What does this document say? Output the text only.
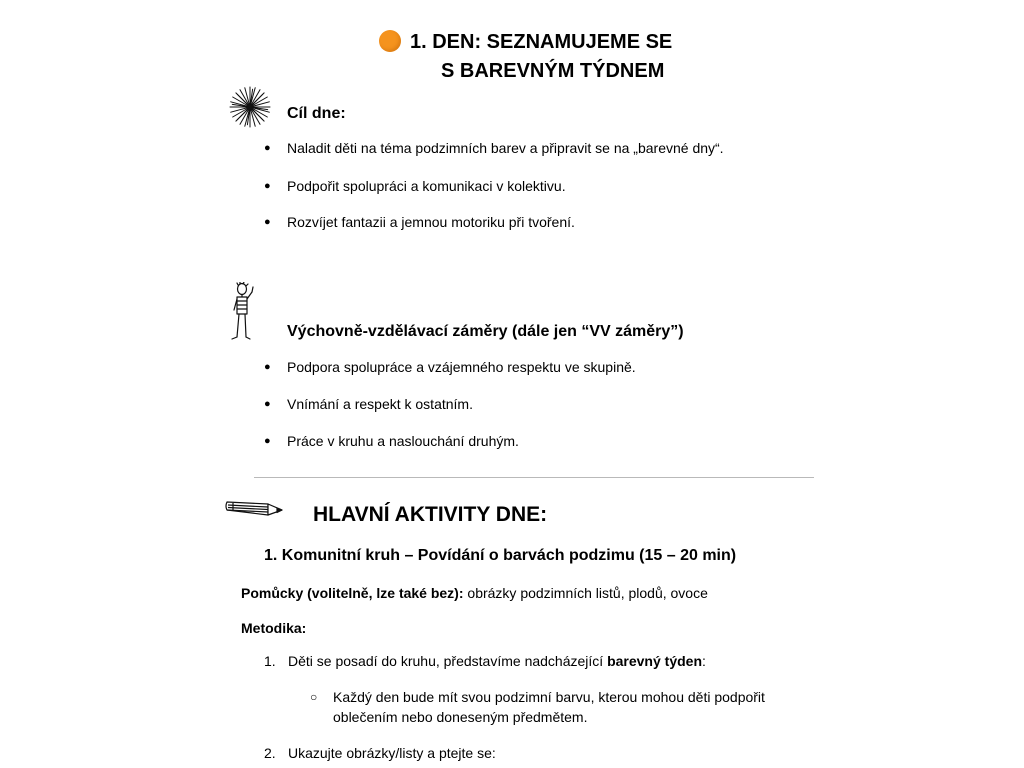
1. DEN: SEZNAMUJEME SE
S BAREVNÝM TÝDNEM
Cíl dne:
● Naladit děti na téma podzimních barev a připravit se na „barevné dny“.
● Podpořit spolupráci a komunikaci v kolektivu.
● Rozvíjet fantazii a jemnou motoriku při tvoření.
Výchovně-vzdělávací záměry (dále jen “VV záměry”)
● Podpora spolupráce a vzájemného respektu ve skupině.
● Vnímání a respekt k ostatním.
● Práce v kruhu a naslouchání druhým.
HLAVNÍ AKTIVITY DNE:
1. Komunitní kruh – Povídání o barvách podzimu (15 – 20 min)
Pomůcky (volitelně, lze také bez): obrázky podzimních listů, plodů, ovoce
Metodika:
1. Děti se posadí do kruhu, představíme nadcházející barevný týden:
○ Každý den bude mít svou podzimní barvu, kterou mohou děti podpořit
oblečením nebo doneseným předmětem.
2. Ukazujte obrázky/listy a ptejte se:
